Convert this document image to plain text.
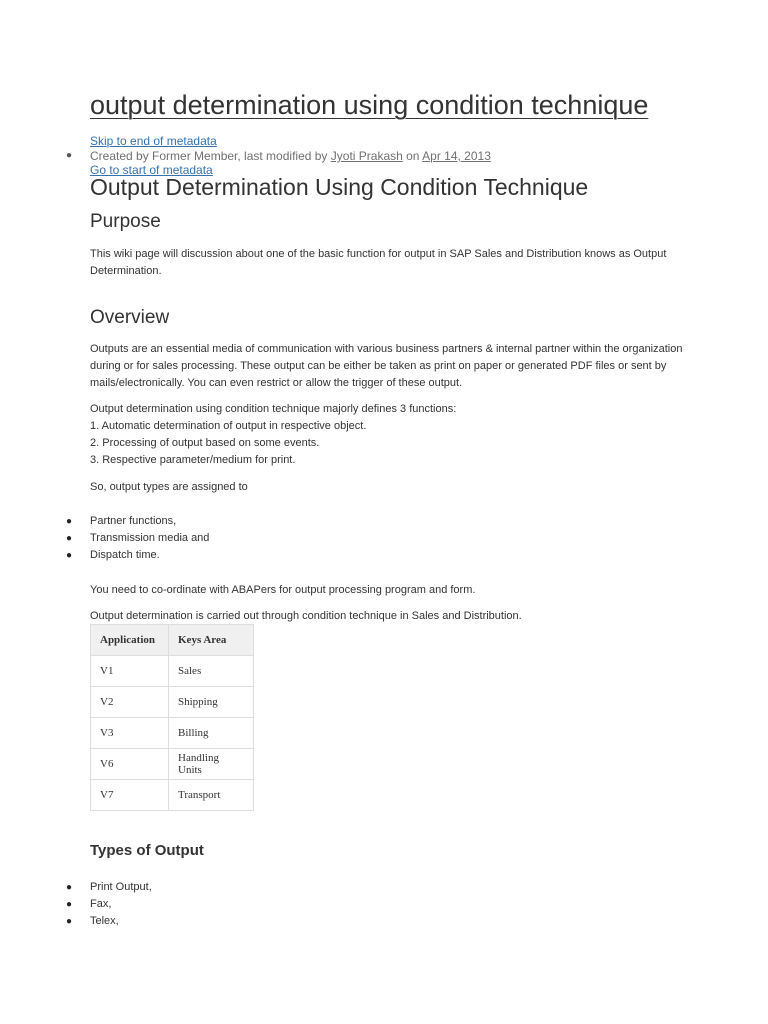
output determination using condition technique
Skip to end of metadata
● Created by Former Member, last modified by Jyoti Prakash on Apr 14, 2013
Go to start of metadata
Output Determination Using Condition Technique
Purpose

This wiki page will discussion about one of the basic function for output in SAP Sales and Distribution knows as Output
Determination.

Overview

Outputs are an essential media of communication with various business partners & internal partner within the organization
during or for sales processing. These output can be either be taken as print on paper or generated PDF files or sent by
mails/electronically. You can even restrict or allow the trigger of these output.

Output determination using condition technique majorly defines 3 functions:
1. Automatic determination of output in respective object.
2. Processing of output based on some events.
3. Respective parameter/medium for print.

So, output types are assigned to

● Partner functions,
● Transmission media and
● Dispatch time.

You need to co-ordinate with ABAPers for output processing program and form.

Output determination is carried out through condition technique in Sales and Distribution.

Application	Keys Area
V1	Sales
V2	Shipping
V3	Billing
V6	Handling Units
V7	Transport
Types of Output
● Print Output,
● Fax,
● Telex,
